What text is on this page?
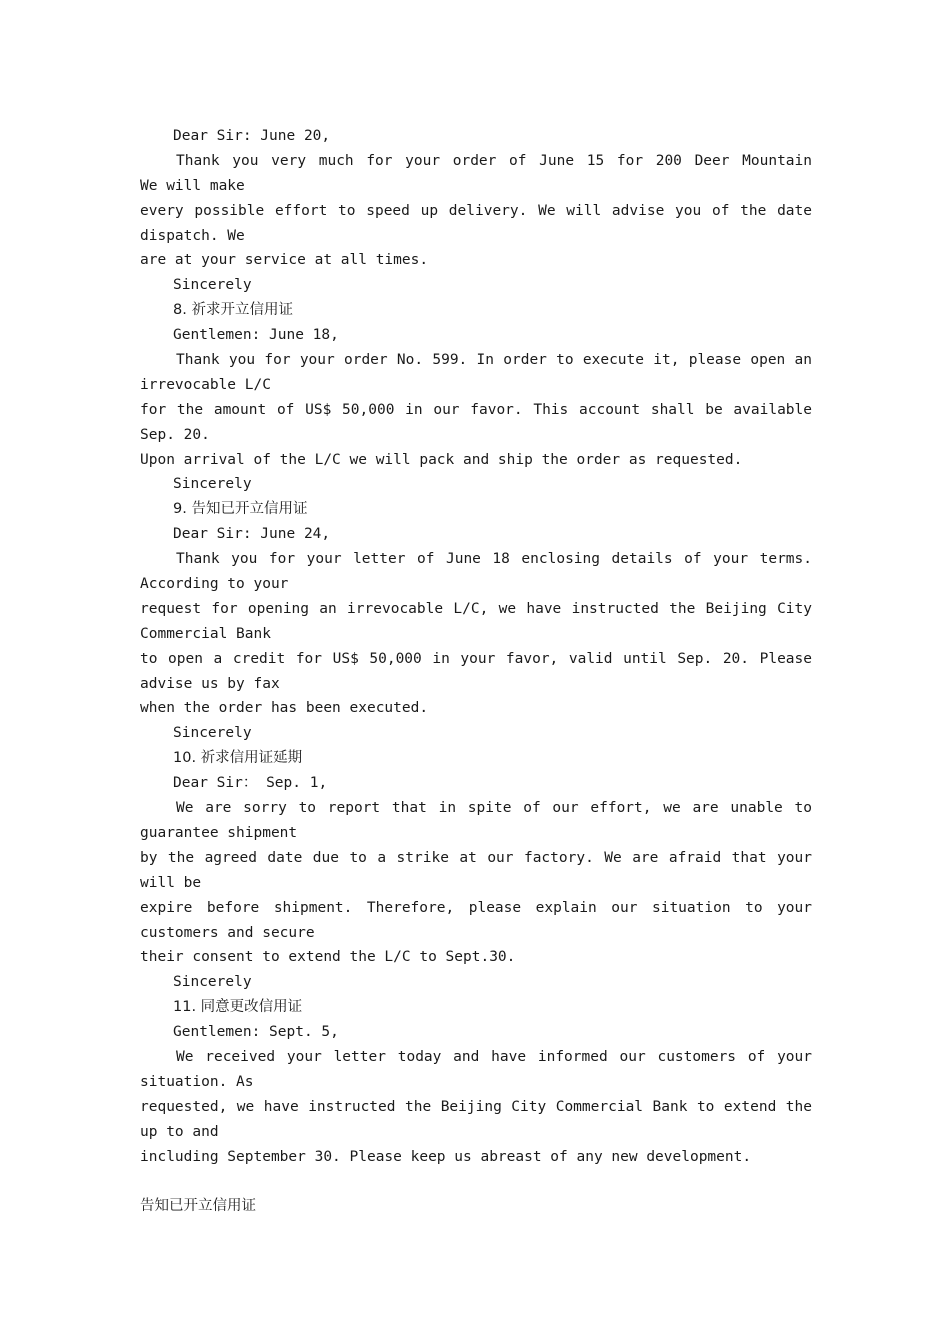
Dear Sir: June 20,
Thank you very much for your order of June 15 for 200 Deer Mountain
We will make
every possible effort to speed up delivery. We will advise you of the date
dispatch. We
are at your service at all times.
Sincerely
8. 祈求开立信用证
Gentlemen: June 18,
Thank you for your order No. 599. In order to execute it, please open an
irrevocable L/C
for the amount of US$ 50,000 in our favor. This account shall be available
Sep. 20.
Upon arrival of the L/C we will pack and ship the order as requested.
Sincerely
9. 告知已开立信用证
Dear Sir: June 24,
Thank you for your letter of June 18 enclosing details of your terms.
According to your
request for opening an irrevocable L/C, we have instructed the Beijing City
Commercial Bank
to open a credit for US$ 50,000 in your favor, valid until Sep. 20. Please
advise us by fax
when the order has been executed.
Sincerely
10. 祈求信用证延期
Dear Sir： Sep. 1,
We are sorry to report that in spite of our effort, we are unable to
guarantee shipment
by the agreed date due to a strike at our factory. We are afraid that your
will be
expire before shipment. Therefore, please explain our situation to your
customers and secure
their consent to extend the L/C to Sept.30.
Sincerely
11. 同意更改信用证
Gentlemen: Sept. 5,
We received your letter today and have informed our customers of your
situation. As
requested, we have instructed the Beijing City Commercial Bank to extend the
up to and
including September 30. Please keep us abreast of any new development.
告知已开立信用证
